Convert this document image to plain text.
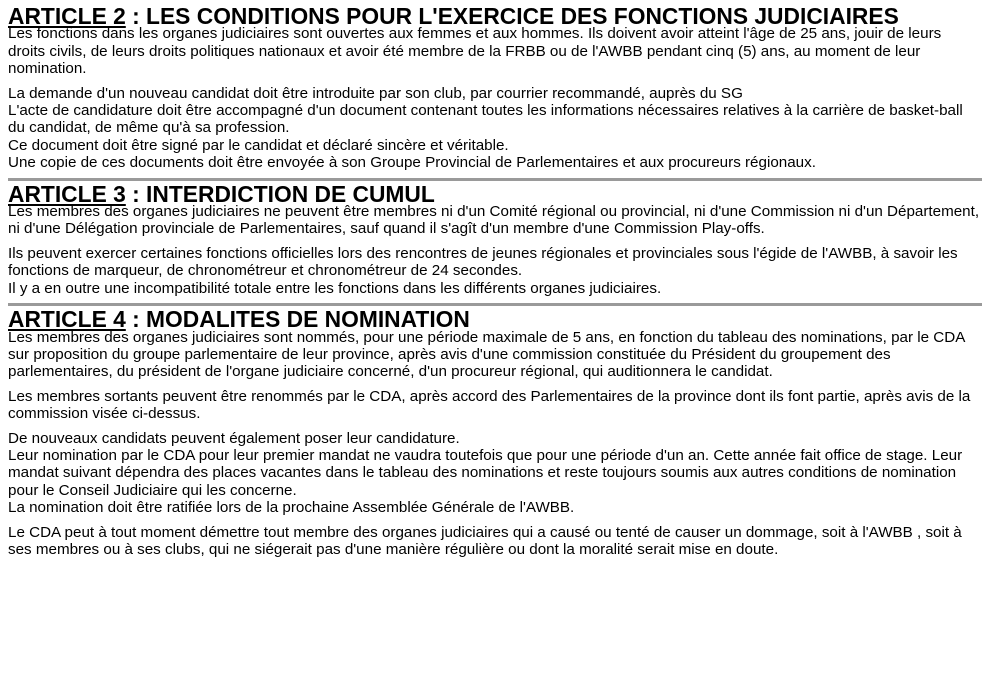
ARTICLE 2 : LES CONDITIONS POUR L'EXERCICE DES FONCTIONS JUDICIAIRES

Les fonctions dans les organes judiciaires sont ouvertes aux femmes et aux hommes. Ils doivent avoir atteint l'âge de 25 ans, jouir de leurs droits civils, de leurs droits politiques nationaux et avoir été membre de la FRBB ou de l'AWBB pendant cinq (5) ans, au moment de leur nomination.

La demande d'un nouveau candidat doit être introduite par son club, par courrier recommandé, auprès du SG

L'acte de candidature doit être accompagné d'un document contenant toutes les informations nécessaires relatives à la carrière de basket-ball du candidat, de même qu'à sa profession.

Ce document doit être signé par le candidat et déclaré sincère et véritable.

Une copie de ces documents doit être envoyée à son Groupe Provincial de Parlementaires et aux procureurs régionaux.

ARTICLE 3 : INTERDICTION DE CUMUL

Les membres des organes judiciaires ne peuvent être membres ni d'un Comité régional ou provincial, ni d'une Commission ni d'un Département, ni d'une Délégation provinciale de Parlementaires, sauf quand il s'agît d'un membre d'une Commission Play-offs.

Ils peuvent exercer certaines fonctions officielles lors des rencontres de jeunes régionales et provinciales sous l'égide de l'AWBB, à savoir les fonctions de marqueur, de chronométreur et chronométreur de 24 secondes.

Il y a en outre une incompatibilité totale entre les fonctions dans les différents organes judiciaires.

ARTICLE 4 : MODALITES DE NOMINATION

Les membres des organes judiciaires sont nommés, pour une période maximale de 5 ans, en fonction du tableau des nominations, par le CDA sur proposition du groupe parlementaire de leur province, après avis d'une commission constituée du Président du groupement des parlementaires, du président de l'organe judiciaire concerné, d'un procureur régional, qui auditionnera le candidat.

Les membres sortants peuvent être renommés par le CDA, après accord des Parlementaires de la province dont ils font partie, après avis de la commission visée ci-dessus.

De nouveaux candidats peuvent également poser leur candidature.

Leur nomination par le CDA pour leur premier mandat ne vaudra toutefois que pour une période d'un an. Cette année fait office de stage. Leur mandat suivant dépendra des places vacantes dans le tableau des nominations et reste toujours soumis aux autres conditions de nomination pour le Conseil Judiciaire qui les concerne.

La nomination doit être ratifiée lors de la prochaine Assemblée Générale de l'AWBB.

Le CDA peut à tout moment démettre tout membre des organes judiciaires qui a causé ou tenté de causer un dommage, soit à l'AWBB , soit à ses membres ou à ses clubs, qui ne siégerait pas d'une manière régulière ou dont la moralité serait mise en doute.
